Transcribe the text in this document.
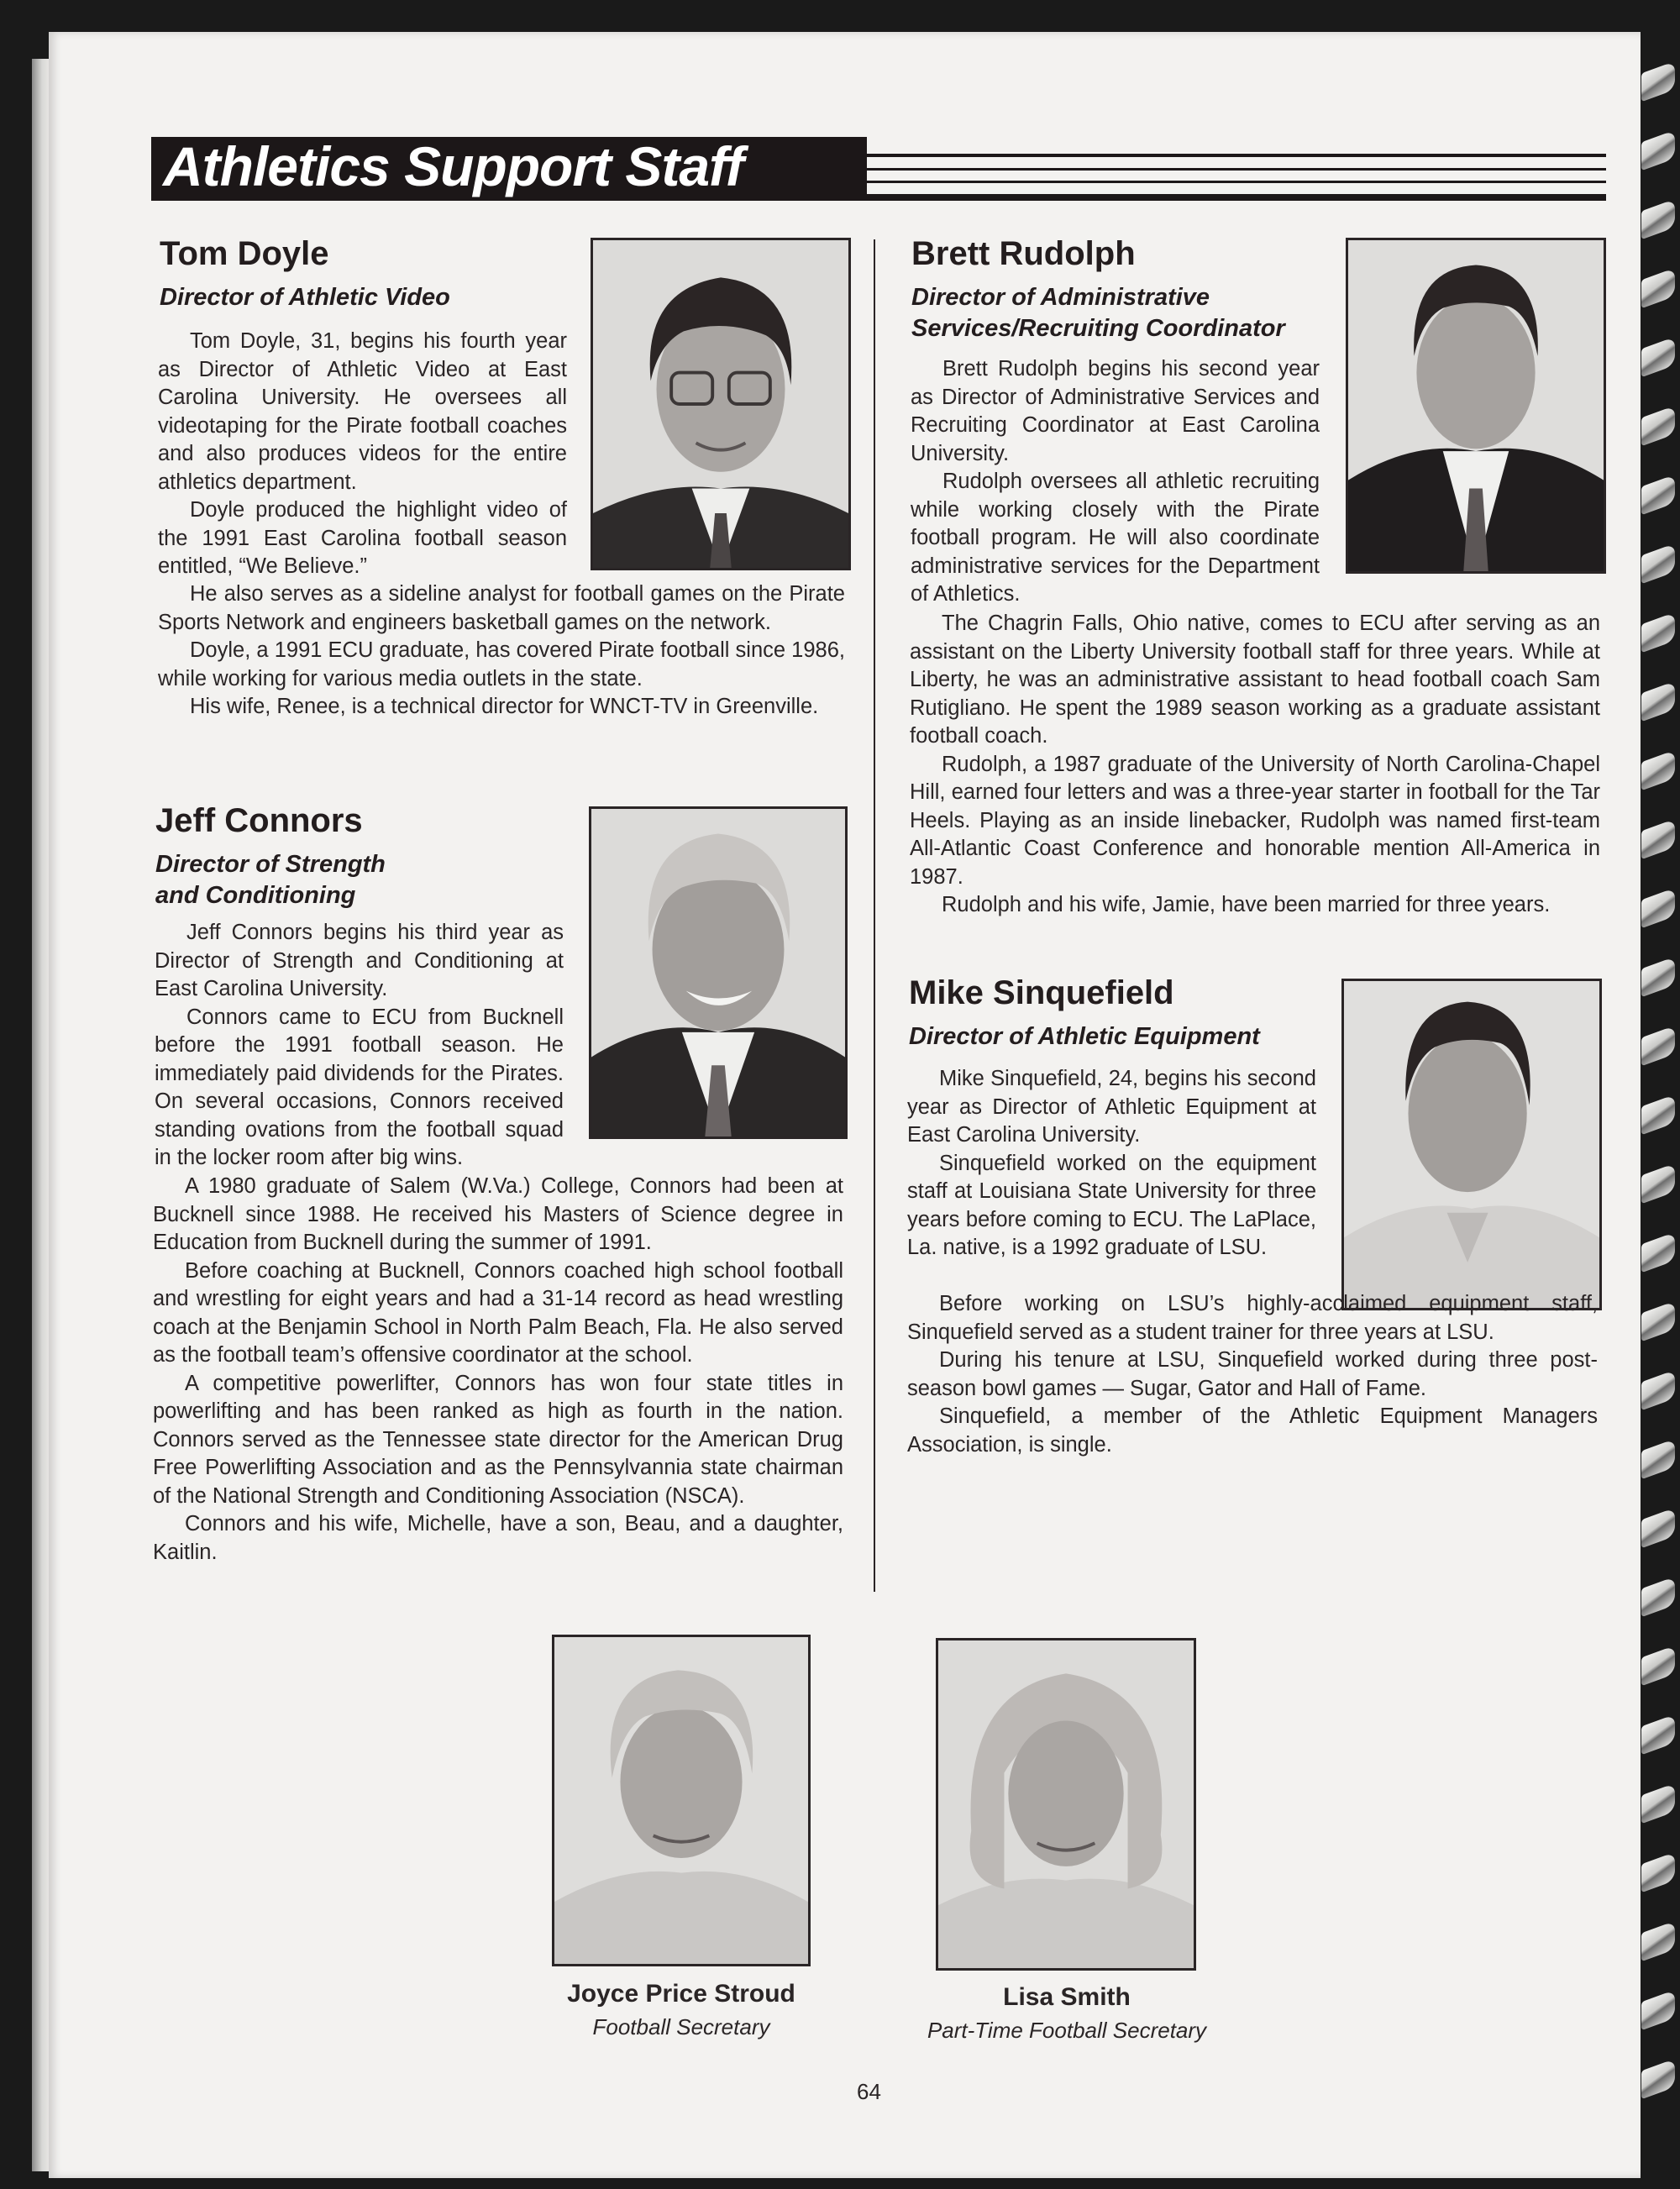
Athletics Support Staff
Tom Doyle
Director of Athletic Video

Tom Doyle, 31, begins his fourth year as Director of Athletic Video at East Carolina University. He oversees all videotaping for the Pirate football coaches and also produces videos for the entire athletics department.

Doyle produced the highlight video of the 1991 East Carolina football season entitled, “We Believe.”

He also serves as a sideline analyst for football games on the Pirate Sports Network and engineers basketball games on the network.

Doyle, a 1991 ECU graduate, has covered Pirate football since 1986, while working for various media outlets in the state.

His wife, Renee, is a technical director for WNCT-TV in Greenville.

Jeff Connors
Director of Strength and Conditioning

Jeff Connors begins his third year as Director of Strength and Conditioning at East Carolina University.

Connors came to ECU from Bucknell before the 1991 football season. He immediately paid dividends for the Pirates. On several occasions, Connors received standing ovations from the football squad in the locker room after big wins.

A 1980 graduate of Salem (W.Va.) College, Connors had been at Bucknell since 1988. He received his Masters of Science degree in Education from Bucknell during the summer of 1991.

Before coaching at Bucknell, Connors coached high school football and wrestling for eight years and had a 31-14 record as head wrestling coach at the Benjamin School in North Palm Beach, Fla. He also served as the football team’s offensive coordinator at the school.

A competitive powerlifter, Connors has won four state titles in powerlifting and has been ranked as high as fourth in the nation. Connors served as the Tennessee state director for the American Drug Free Powerlifting Association and as the Pennsylvannia state chairman of the National Strength and Conditioning Association (NSCA).

Connors and his wife, Michelle, have a son, Beau, and a daughter, Kaitlin.

Brett Rudolph
Director of Administrative Services/Recruiting Coordinator

Brett Rudolph begins his second year as Director of Administrative Services and Recruiting Coordinator at East Carolina University.

Rudolph oversees all athletic recruiting while working closely with the Pirate football program. He will also coordinate administrative services for the Department of Athletics.

The Chagrin Falls, Ohio native, comes to ECU after serving as an assistant on the Liberty University football staff for three years. While at Liberty, he was an administrative assistant to head football coach Sam Rutigliano. He spent the 1989 season working as a graduate assistant football coach.

Rudolph, a 1987 graduate of the University of North Carolina-Chapel Hill, earned four letters and was a three-year starter in football for the Tar Heels. Playing as an inside linebacker, Rudolph was named first-team All-Atlantic Coast Conference and honorable mention All-America in 1987.

Rudolph and his wife, Jamie, have been married for three years.

Mike Sinquefield
Director of Athletic Equipment

Mike Sinquefield, 24, begins his second year as Director of Athletic Equipment at East Carolina University.

Sinquefield worked on the equipment staff at Louisiana State University for three years before coming to ECU. The LaPlace, La. native, is a 1992 graduate of LSU.

Before working on LSU’s highly-acclaimed equipment staff, Sinquefield served as a student trainer for three years at LSU.

During his tenure at LSU, Sinquefield worked during three post-season bowl games — Sugar, Gator and Hall of Fame.

Sinquefield, a member of the Athletic Equipment Managers Association, is single.

Joyce Price Stroud
Football Secretary
Lisa Smith
Part-Time Football Secretary
64
